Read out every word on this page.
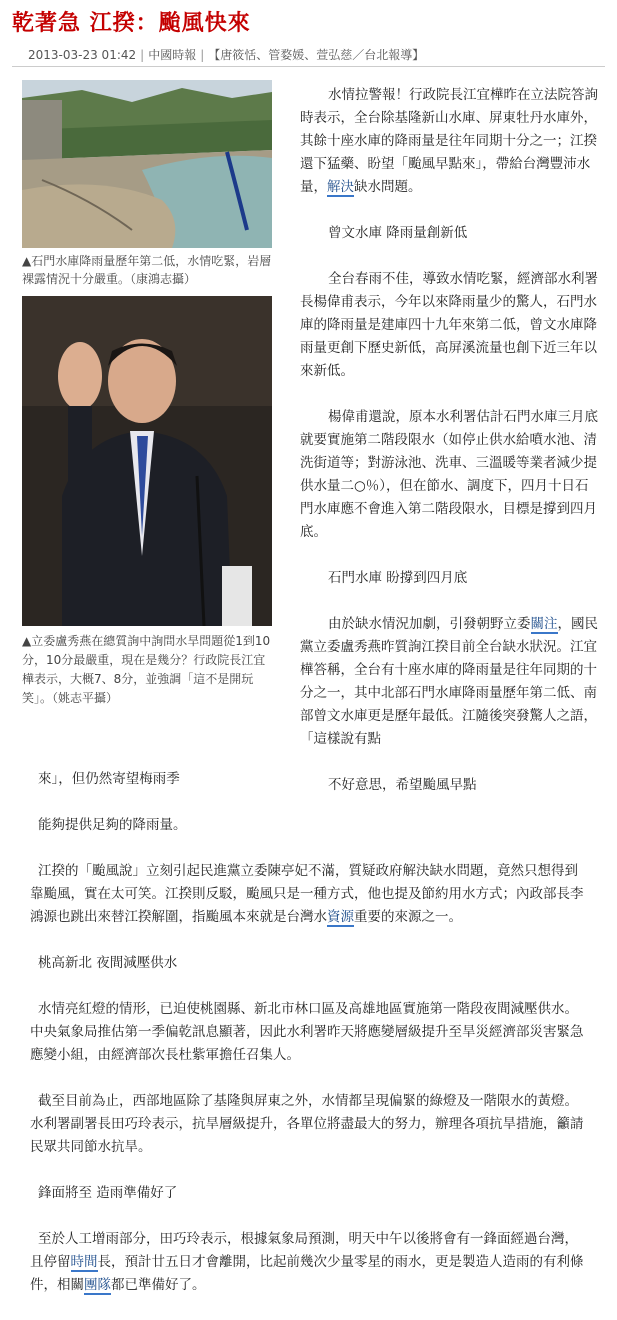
乾著急 江揆：颱風快來
2013-03-23 01:42 | 中國時報 | 【唐筱恬、管婺媛、萱弘慈／台北報導】
▲石門水庫降雨量歷年第二低，水情吃緊，岩層裸露情況十分嚴重。（康鴻志攝）
▲立委盧秀燕在總質詢中詢問水旱問題從1到10分，10分最嚴重，現在是幾分？行政院長江宜樺表示，大概7、8分，並強調「這不是開玩笑」。（姚志平攝）

水情拉警報！行政院長江宜樺昨在立法院答詢時表示，全台除基隆新山水庫、屏東牡丹水庫外，其餘十座水庫的降雨量是往年同期十分之一；江揆還下猛藥、盼望「颱風早點來」，帶給台灣豐沛水量，解決缺水問題。

曾文水庫 降雨量創新低

全台春雨不佳，導致水情吃緊，經濟部水利署長楊偉甫表示，今年以來降雨量少的驚人，石門水庫的降雨量是建庫四十九年來第二低，曾文水庫降雨量更創下歷史新低，高屏溪流量也創下近三年以來新低。

楊偉甫還說，原本水利署估計石門水庫三月底就要實施第二階段限水（如停止供水給噴水池、清洗街道等；對游泳池、洗車、三溫暖等業者減少提供水量二○％），但在節水、調度下，四月十日石門水庫應不會進入第二階段限水，目標是撐到四月底。

石門水庫 盼撐到四月底

由於缺水情況加劇，引發朝野立委關注，國民黨立委盧秀燕昨質詢江揆目前全台缺水狀況。江宜樺答稱，全台有十座水庫的降雨量是往年同期的十分之一，其中北部石門水庫降雨量歷年第二低、南部曾文水庫更是歷年最低。江隨後突發驚人之語，「這樣說有點

不好意思，希望颱風早點

來」，但仍然寄望梅雨季

能夠提供足夠的降雨量。

江揆的「颱風說」立刻引起民進黨立委陳亭妃不滿，質疑政府解決缺水問題，竟然只想得到靠颱風，實在太可笑。江揆則反駁，颱風只是一種方式，他也提及節約用水方式；內政部長李鴻源也跳出來替江揆解圍，指颱風本來就是台灣水資源重要的來源之一。

桃高新北 夜間減壓供水

水情亮紅燈的情形，已迫使桃園縣、新北市林口區及高雄地區實施第一階段夜間減壓供水。中央氣象局推估第一季偏乾訊息顯著，因此水利署昨天將應變層級提升至旱災經濟部災害緊急應變小組，由經濟部次長杜紫軍擔任召集人。

截至目前為止，西部地區除了基隆與屏東之外，水情都呈現偏緊的綠燈及一階限水的黃燈。水利署副署長田巧玲表示，抗旱層級提升，各單位將盡最大的努力，辦理各項抗旱措施，籲請民眾共同節水抗旱。

鋒面將至 造雨準備好了

至於人工增雨部分，田巧玲表示，根據氣象局預測，明天中午以後將會有一鋒面經過台灣，且停留時間長，預計廿五日才會離開，比起前幾次少量零星的雨水，更是製造人造雨的有利條件，相關團隊都已準備好了。
